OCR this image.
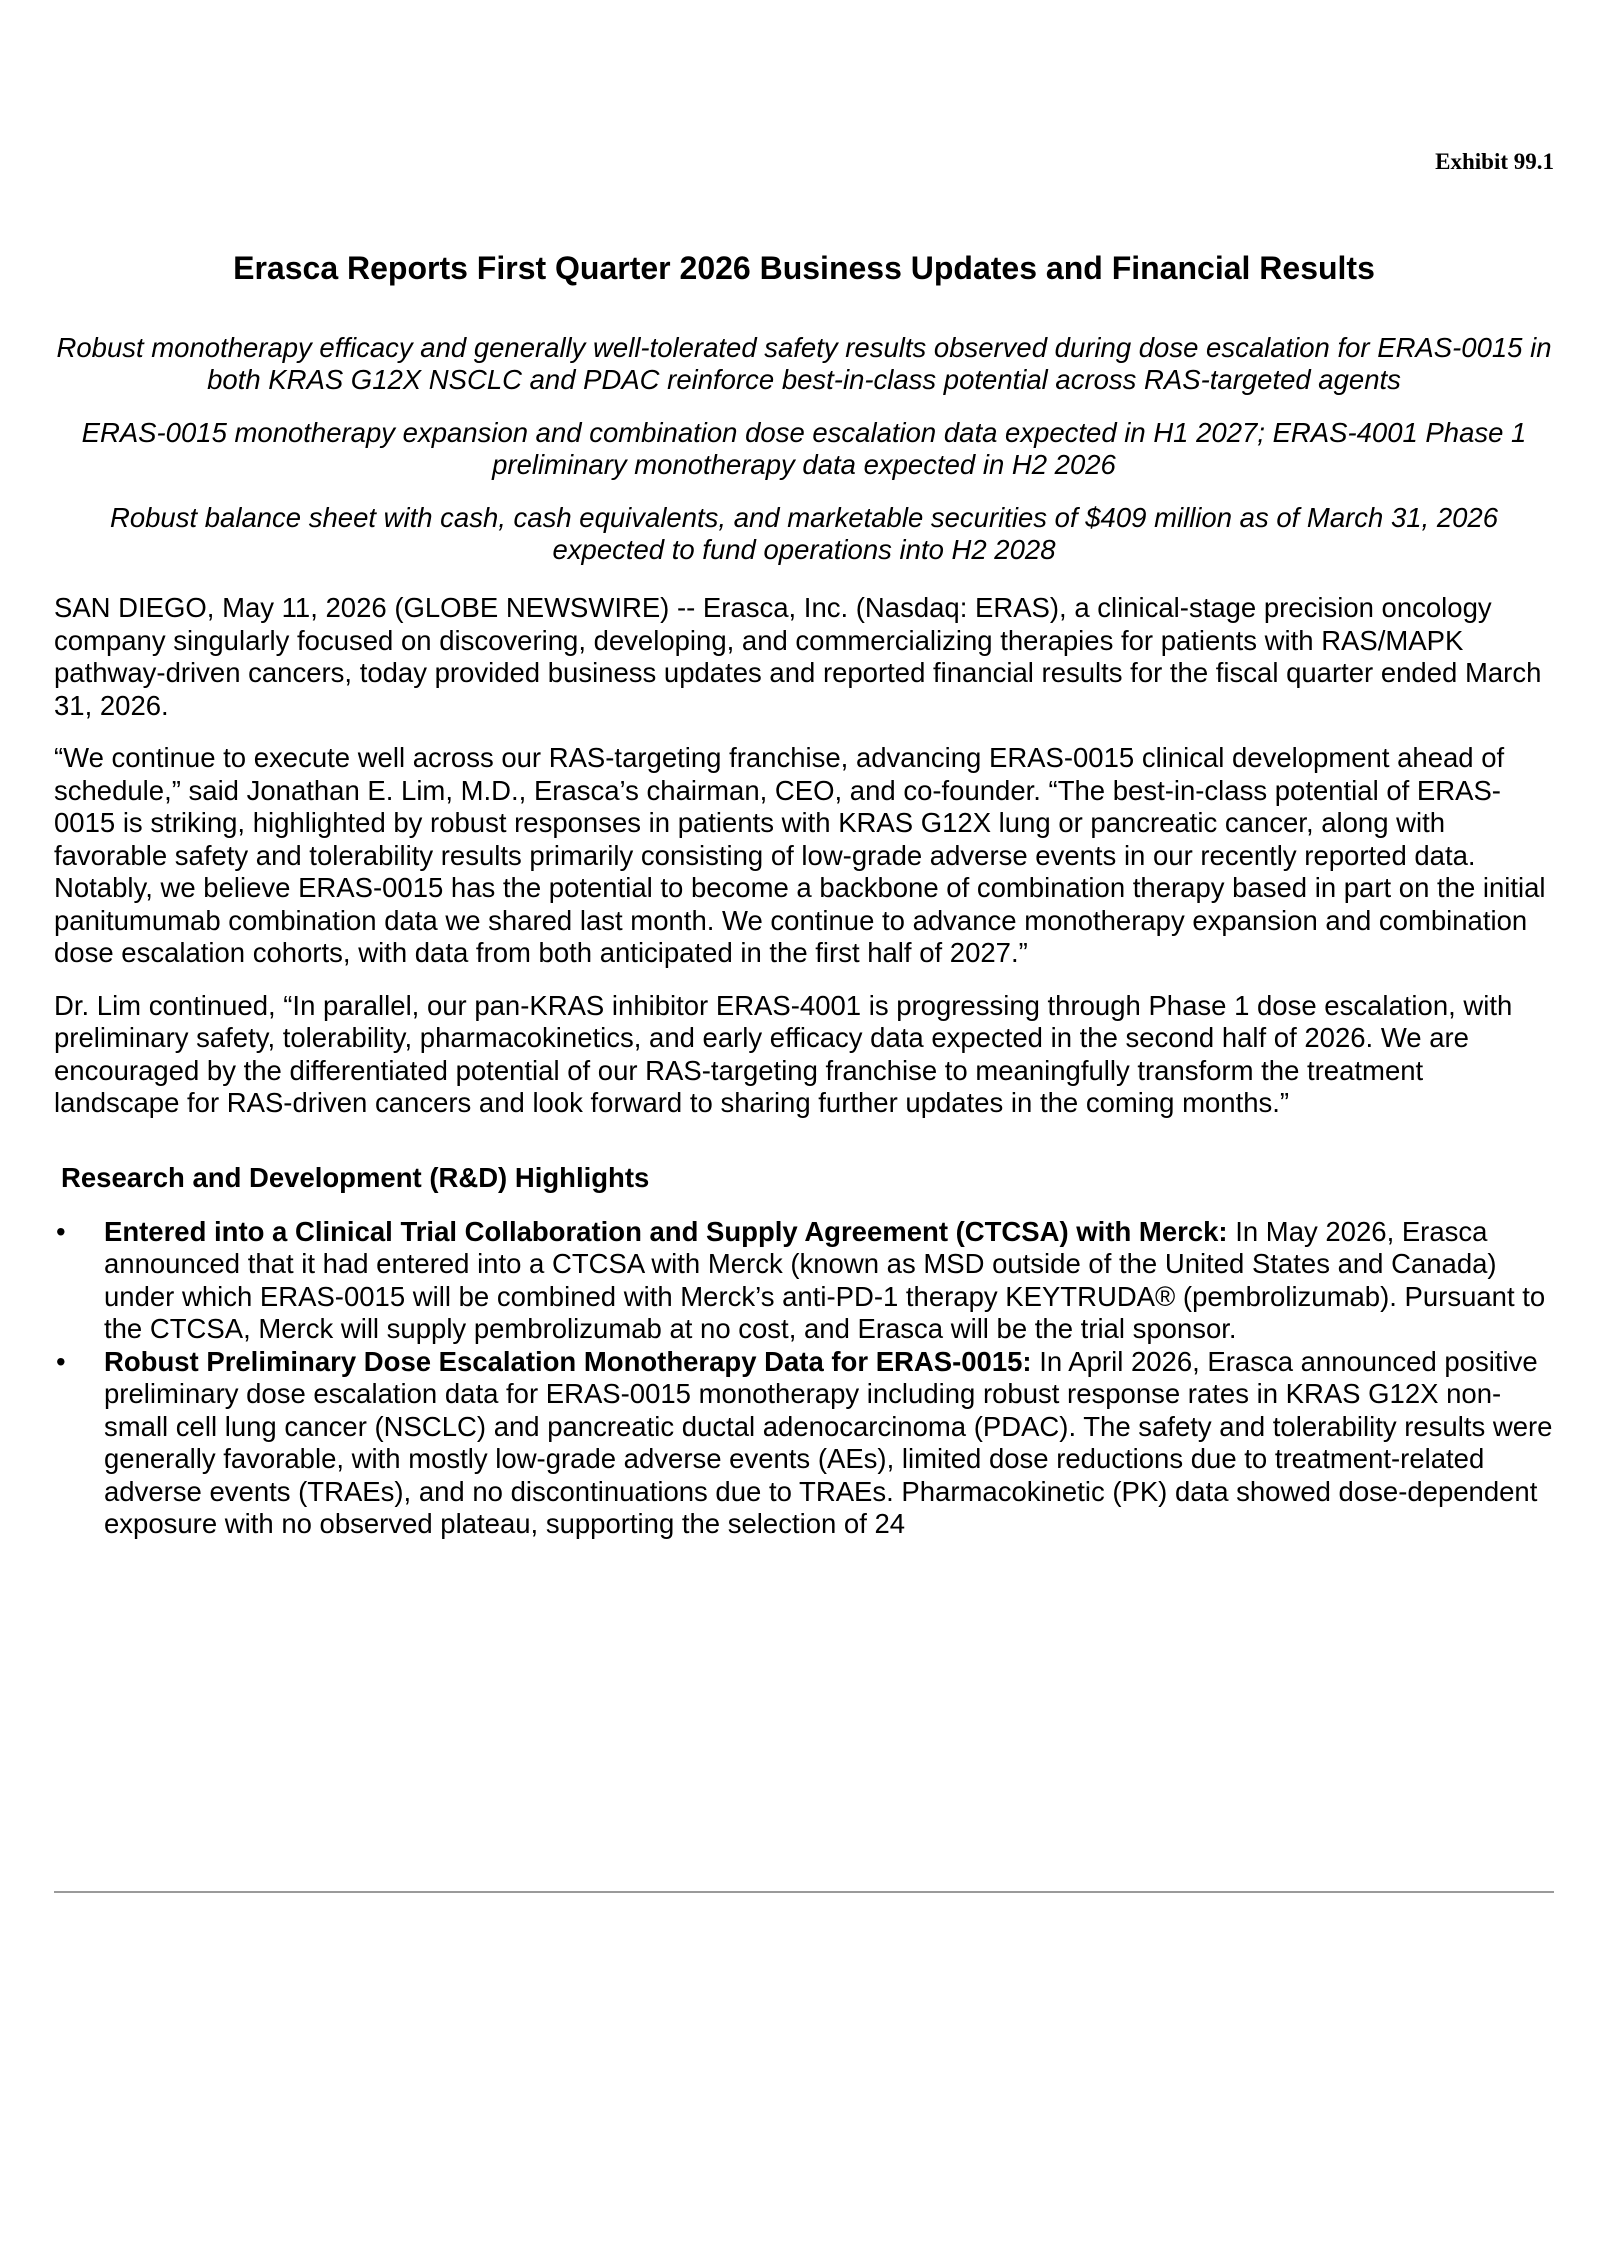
Exhibit 99.1
Erasca Reports First Quarter 2026 Business Updates and Financial Results

Robust monotherapy efficacy and generally well-tolerated safety results observed during dose escalation for ERAS-0015 in both KRAS G12X NSCLC and PDAC reinforce best-in-class potential across RAS-targeted agents

ERAS-0015 monotherapy expansion and combination dose escalation data expected in H1 2027; ERAS-4001 Phase 1 preliminary monotherapy data expected in H2 2026

Robust balance sheet with cash, cash equivalents, and marketable securities of $409 million as of March 31, 2026 expected to fund operations into H2 2028

SAN DIEGO, May 11, 2026 (GLOBE NEWSWIRE) -- Erasca, Inc. (Nasdaq: ERAS), a clinical-stage precision oncology company singularly focused on discovering, developing, and commercializing therapies for patients with RAS/MAPK pathway-driven cancers, today provided business updates and reported financial results for the fiscal quarter ended March 31, 2026.

“We continue to execute well across our RAS-targeting franchise, advancing ERAS-0015 clinical development ahead of schedule,” said Jonathan E. Lim, M.D., Erasca’s chairman, CEO, and co-founder. “The best-in-class potential of ERAS-0015 is striking, highlighted by robust responses in patients with KRAS G12X lung or pancreatic cancer, along with favorable safety and tolerability results primarily consisting of low-grade adverse events in our recently reported data. Notably, we believe ERAS-0015 has the potential to become a backbone of combination therapy based in part on the initial panitumumab combination data we shared last month. We continue to advance monotherapy expansion and combination dose escalation cohorts, with data from both anticipated in the first half of 2027.”

Dr. Lim continued, “In parallel, our pan-KRAS inhibitor ERAS-4001 is progressing through Phase 1 dose escalation, with preliminary safety, tolerability, pharmacokinetics, and early efficacy data expected in the second half of 2026. We are encouraged by the differentiated potential of our RAS-targeting franchise to meaningfully transform the treatment landscape for RAS-driven cancers and look forward to sharing further updates in the coming months.”

Research and Development (R&D) Highlights
• Entered into a Clinical Trial Collaboration and Supply Agreement (CTCSA) with Merck: In May 2026, Erasca announced that it had entered into a CTCSA with Merck (known as MSD outside of the United States and Canada) under which ERAS-0015 will be combined with Merck’s anti-PD-1 therapy KEYTRUDA® (pembrolizumab). Pursuant to the CTCSA, Merck will supply pembrolizumab at no cost, and Erasca will be the trial sponsor.
• Robust Preliminary Dose Escalation Monotherapy Data for ERAS-0015: In April 2026, Erasca announced positive preliminary dose escalation data for ERAS-0015 monotherapy including robust response rates in KRAS G12X non-small cell lung cancer (NSCLC) and pancreatic ductal adenocarcinoma (PDAC). The safety and tolerability results were generally favorable, with mostly low-grade adverse events (AEs), limited dose reductions due to treatment-related adverse events (TRAEs), and no discontinuations due to TRAEs. Pharmacokinetic (PK) data showed dose-dependent exposure with no observed plateau, supporting the selection of 24
